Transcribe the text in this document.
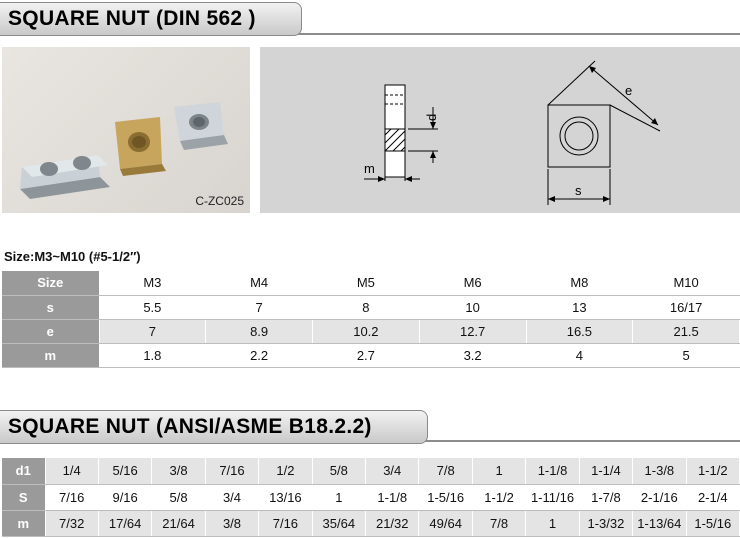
SQUARE NUT (DIN 562 )
C-ZC025
d
m
e
s
Size:M3~M10 (#5-1/2″)
Size	M3	M4	M5	M6	M8	M10
s	5.5	7	8	10	13	16/17
e	7	8.9	10.2	12.7	16.5	21.5
m	1.8	2.2	2.7	3.2	4	5
SQUARE NUT (ANSI/ASME B18.2.2)
d1	1/4	5/16	3/8	7/16	1/2	5/8	3/4	7/8	1	1-1/8	1-1/4	1-3/8	1-1/2
S	7/16	9/16	5/8	3/4	13/16	1	1-1/8	1-5/16	1-1/2	1-11/16	1-7/8	2-1/16	2-1/4
m	7/32	17/64	21/64	3/8	7/16	35/64	21/32	49/64	7/8	1	1-3/32	1-13/64	1-5/16
